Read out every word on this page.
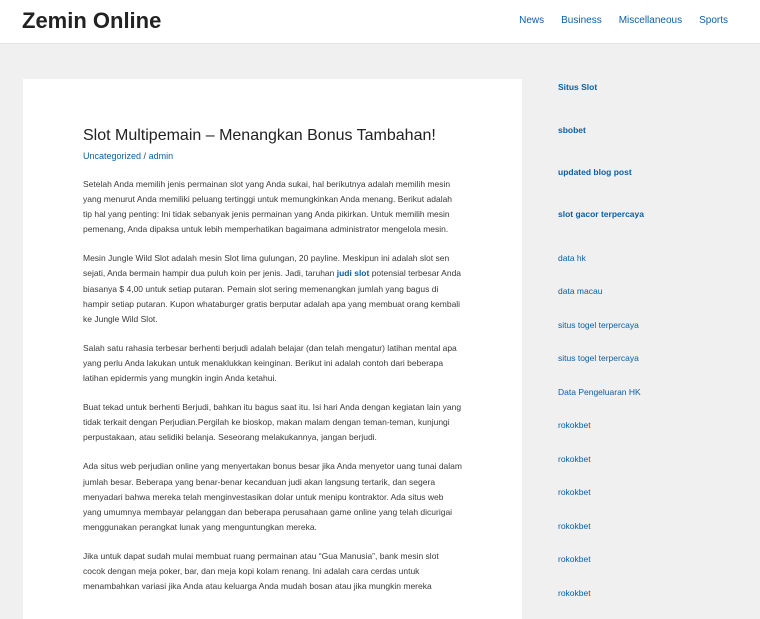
Zemin Online	News Business Miscellaneous Sports
Slot Multipemain – Menangkan Bonus Tambahan!
Uncategorized / admin

Setelah Anda memilih jenis permainan slot yang Anda sukai, hal berikutnya adalah memilih mesin yang menurut Anda memiliki peluang tertinggi untuk memungkinkan Anda menang. Berikut adalah tip hal yang penting: Ini tidak sebanyak jenis permainan yang Anda pikirkan. Untuk memilih mesin pemenang, Anda dipaksa untuk lebih memperhatikan bagaimana administrator mengelola mesin.

Mesin Jungle Wild Slot adalah mesin Slot lima gulungan, 20 payline. Meskipun ini adalah slot sen sejati, Anda bermain hampir dua puluh koin per jenis. Jadi, taruhan judi slot potensial terbesar Anda biasanya $ 4,00 untuk setiap putaran. Pemain slot sering memenangkan jumlah yang bagus di hampir setiap putaran. Kupon whataburger gratis berputar adalah apa yang membuat orang kembali ke Jungle Wild Slot.

Salah satu rahasia terbesar berhenti berjudi adalah belajar (dan telah mengatur) latihan mental apa yang perlu Anda lakukan untuk menaklukkan keinginan. Berikut ini adalah contoh dari beberapa latihan epidermis yang mungkin ingin Anda ketahui.

Buat tekad untuk berhenti Berjudi, bahkan itu bagus saat itu. Isi hari Anda dengan kegiatan lain yang tidak terkait dengan Perjudian.Pergilah ke bioskop, makan malam dengan teman-teman, kunjungi perpustakaan, atau selidiki belanja. Seseorang melakukannya, jangan berjudi.

Ada situs web perjudian online yang menyertakan bonus besar jika Anda menyetor uang tunai dalam jumlah besar. Beberapa yang benar-benar kecanduan judi akan langsung tertarik, dan segera menyadari bahwa mereka telah menginvestasikan dolar untuk menipu kontraktor. Ada situs web yang umumnya membayar pelanggan dan beberapa perusahaan game online yang telah dicurigai menggunakan perangkat lunak yang menguntungkan mereka.

Jika untuk dapat sudah mulai membuat ruang permainan atau “Gua Manusia”, bank mesin slot cocok dengan meja poker, bar, dan meja kopi kolam renang. Ini adalah cara cerdas untuk menambahkan variasi jika Anda atau keluarga Anda mudah bosan atau jika mungkin mereka

Situs Slot
sbobet
updated blog post
slot gacor terpercaya
data hk
data macau
situs togel terpercaya
situs togel terpercaya
Data Pengeluaran HK
rokokbet
rokokbet
rokokbet
rokokbet
rokokbet
rokokbet
